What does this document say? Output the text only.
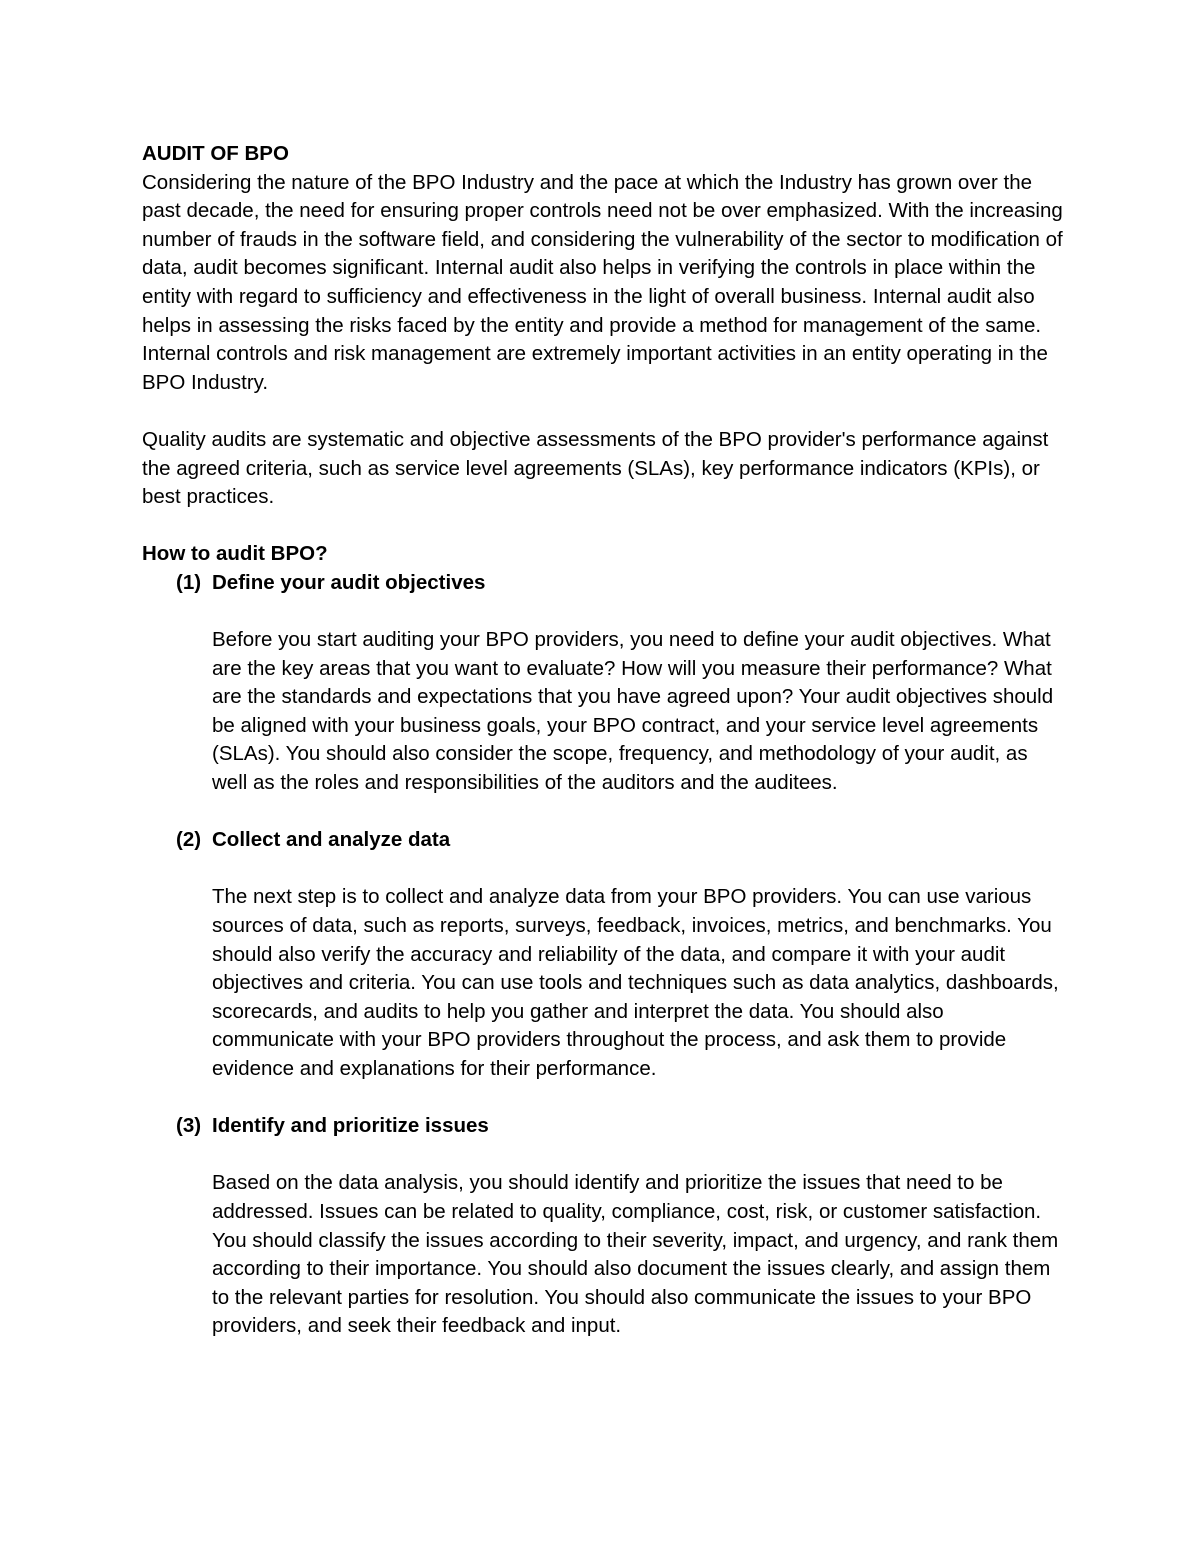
AUDIT OF BPO

Considering the nature of the BPO Industry and the pace at which the Industry has grown over the past decade, the need for ensuring proper controls need not be over emphasized. With the increasing number of frauds in the software field, and considering the vulnerability of the sector to modification of data, audit becomes significant. Internal audit also helps in verifying the controls in place within the entity with regard to sufficiency and effectiveness in the light of overall business. Internal audit also helps in assessing the risks faced by the entity and provide a method for management of the same. Internal controls and risk management are extremely important activities in an entity operating in the BPO Industry.

Quality audits are systematic and objective assessments of the BPO provider's performance against the agreed criteria, such as service level agreements (SLAs), key performance indicators (KPIs), or best practices.

How to audit BPO?
(1) Define your audit objectives

Before you start auditing your BPO providers, you need to define your audit objectives. What are the key areas that you want to evaluate? How will you measure their performance? What are the standards and expectations that you have agreed upon? Your audit objectives should be aligned with your business goals, your BPO contract, and your service level agreements (SLAs). You should also consider the scope, frequency, and methodology of your audit, as well as the roles and responsibilities of the auditors and the auditees.

(2) Collect and analyze data

The next step is to collect and analyze data from your BPO providers. You can use various sources of data, such as reports, surveys, feedback, invoices, metrics, and benchmarks. You should also verify the accuracy and reliability of the data, and compare it with your audit objectives and criteria. You can use tools and techniques such as data analytics, dashboards, scorecards, and audits to help you gather and interpret the data. You should also communicate with your BPO providers throughout the process, and ask them to provide evidence and explanations for their performance.

(3) Identify and prioritize issues

Based on the data analysis, you should identify and prioritize the issues that need to be addressed. Issues can be related to quality, compliance, cost, risk, or customer satisfaction. You should classify the issues according to their severity, impact, and urgency, and rank them according to their importance. You should also document the issues clearly, and assign them to the relevant parties for resolution. You should also communicate the issues to your BPO providers, and seek their feedback and input.
